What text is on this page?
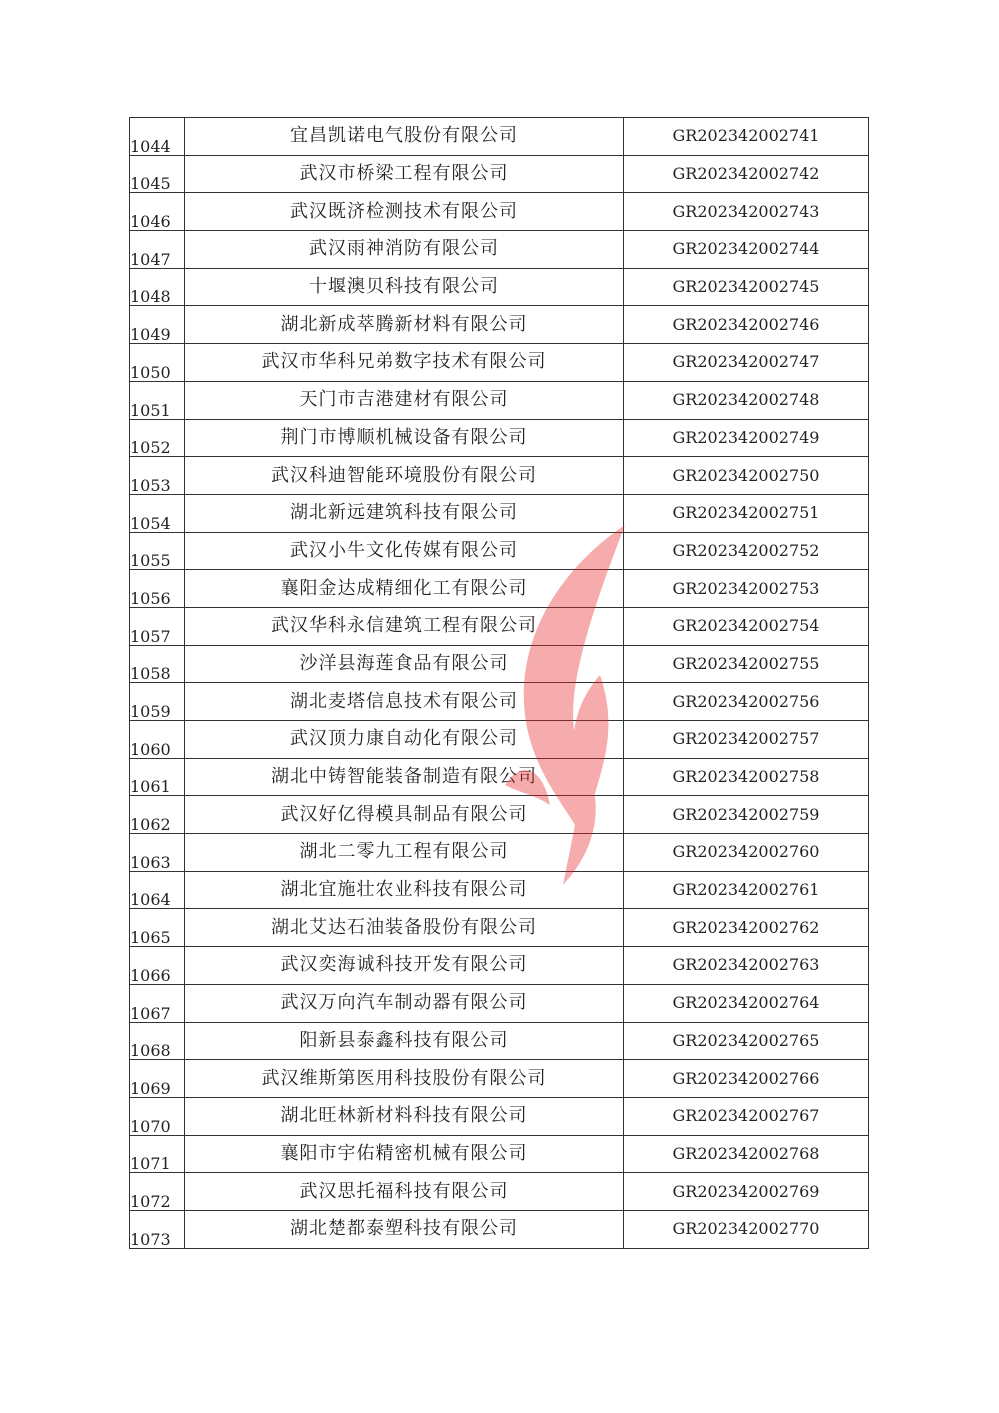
1044	宜昌凯诺电气股份有限公司	GR202342002741
1045	武汉市桥梁工程有限公司	GR202342002742
1046	武汉既济检测技术有限公司	GR202342002743
1047	武汉雨神消防有限公司	GR202342002744
1048	十堰澳贝科技有限公司	GR202342002745
1049	湖北新成萃腾新材料有限公司	GR202342002746
1050	武汉市华科兄弟数字技术有限公司	GR202342002747
1051	天门市吉港建材有限公司	GR202342002748
1052	荆门市博顺机械设备有限公司	GR202342002749
1053	武汉科迪智能环境股份有限公司	GR202342002750
1054	湖北新远建筑科技有限公司	GR202342002751
1055	武汉小牛文化传媒有限公司	GR202342002752
1056	襄阳金达成精细化工有限公司	GR202342002753
1057	武汉华科永信建筑工程有限公司	GR202342002754
1058	沙洋县海莲食品有限公司	GR202342002755
1059	湖北麦塔信息技术有限公司	GR202342002756
1060	武汉顶力康自动化有限公司	GR202342002757
1061	湖北中铸智能装备制造有限公司	GR202342002758
1062	武汉好亿得模具制品有限公司	GR202342002759
1063	湖北二零九工程有限公司	GR202342002760
1064	湖北宜施壮农业科技有限公司	GR202342002761
1065	湖北艾达石油装备股份有限公司	GR202342002762
1066	武汉奕海诚科技开发有限公司	GR202342002763
1067	武汉万向汽车制动器有限公司	GR202342002764
1068	阳新县泰鑫科技有限公司	GR202342002765
1069	武汉维斯第医用科技股份有限公司	GR202342002766
1070	湖北旺林新材料科技有限公司	GR202342002767
1071	襄阳市宇佑精密机械有限公司	GR202342002768
1072	武汉思托福科技有限公司	GR202342002769
1073	湖北楚都泰塑科技有限公司	GR202342002770
